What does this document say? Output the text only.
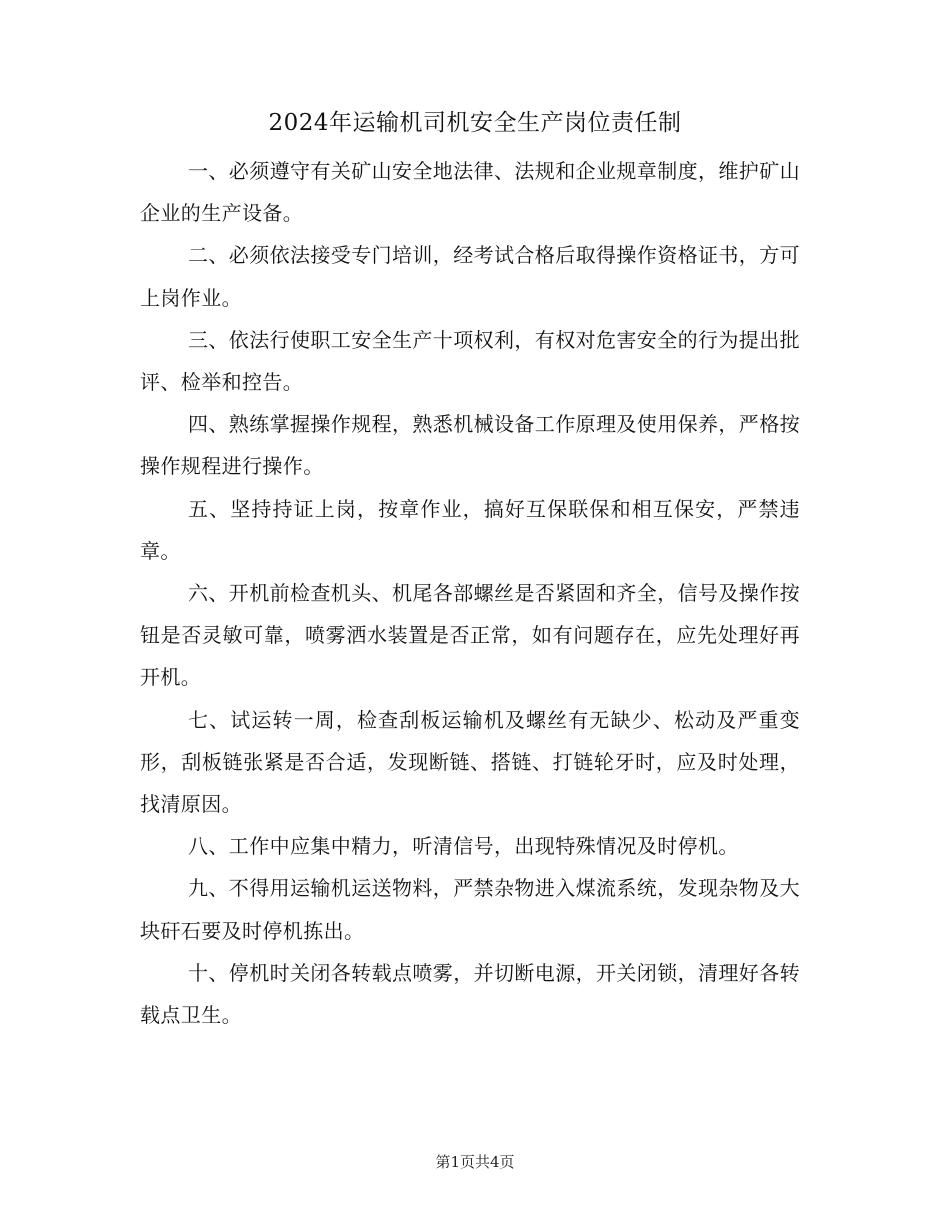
2024年运输机司机安全生产岗位责任制

一、必须遵守有关矿山安全地法律、法规和企业规章制度，维护矿山企业的生产设备。

二、必须依法接受专门培训，经考试合格后取得操作资格证书，方可上岗作业。

三、依法行使职工安全生产十项权利，有权对危害安全的行为提出批评、检举和控告。

四、熟练掌握操作规程，熟悉机械设备工作原理及使用保养，严格按操作规程进行操作。

五、坚持持证上岗，按章作业，搞好互保联保和相互保安，严禁违章。

六、开机前检查机头、机尾各部螺丝是否紧固和齐全，信号及操作按钮是否灵敏可靠，喷雾洒水装置是否正常，如有问题存在，应先处理好再开机。

七、试运转一周，检查刮板运输机及螺丝有无缺少、松动及严重变形，刮板链张紧是否合适，发现断链、搭链、打链轮牙时，应及时处理，找清原因。

八、工作中应集中精力，听清信号，出现特殊情况及时停机。

九、不得用运输机运送物料，严禁杂物进入煤流系统，发现杂物及大块矸石要及时停机拣出。

十、停机时关闭各转载点喷雾，并切断电源，开关闭锁，清理好各转载点卫生。

第1页共4页
